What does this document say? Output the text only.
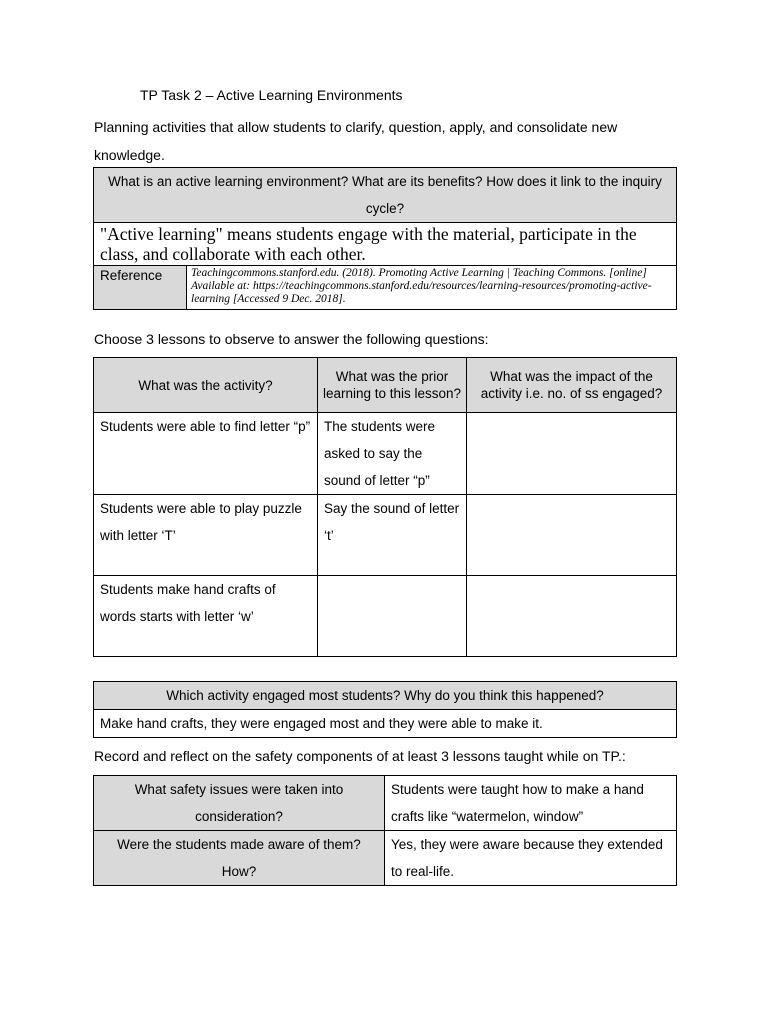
TP Task 2 – Active Learning Environments
Planning activities that allow students to clarify, question, apply, and consolidate new knowledge.
What is an active learning environment? What are its benefits? How does it link to the inquiry cycle?

"Active learning" means students engage with the material, participate in the class, and collaborate with each other.

Reference	Teachingcommons.stanford.edu. (2018). Promoting Active Learning | Teaching Commons. [online] Available at: https://teachingcommons.stanford.edu/resources/learning-resources/promoting-active-learning [Accessed 9 Dec. 2018].
Choose 3 lessons to observe to answer the following questions:
What was the activity?	What was the prior learning to this lesson?	What was the impact of the activity i.e. no. of ss engaged?

Students were able to find letter “p”	The students were asked to say the sound of letter “p”	

Students were able to play puzzle with letter ‘T’	Say the sound of letter ‘t’	

Students make hand crafts of words starts with letter ‘w’		

Which activity engaged most students? Why do you think this happened?

Make hand crafts, they were engaged most and they were able to make it.
Record and reflect on the safety components of at least 3 lessons taught while on TP.:
What safety issues were taken into consideration?	Students were taught how to make a hand crafts like “watermelon, window”

Were the students made aware of them? How?	Yes, they were aware because they extended to real-life.
